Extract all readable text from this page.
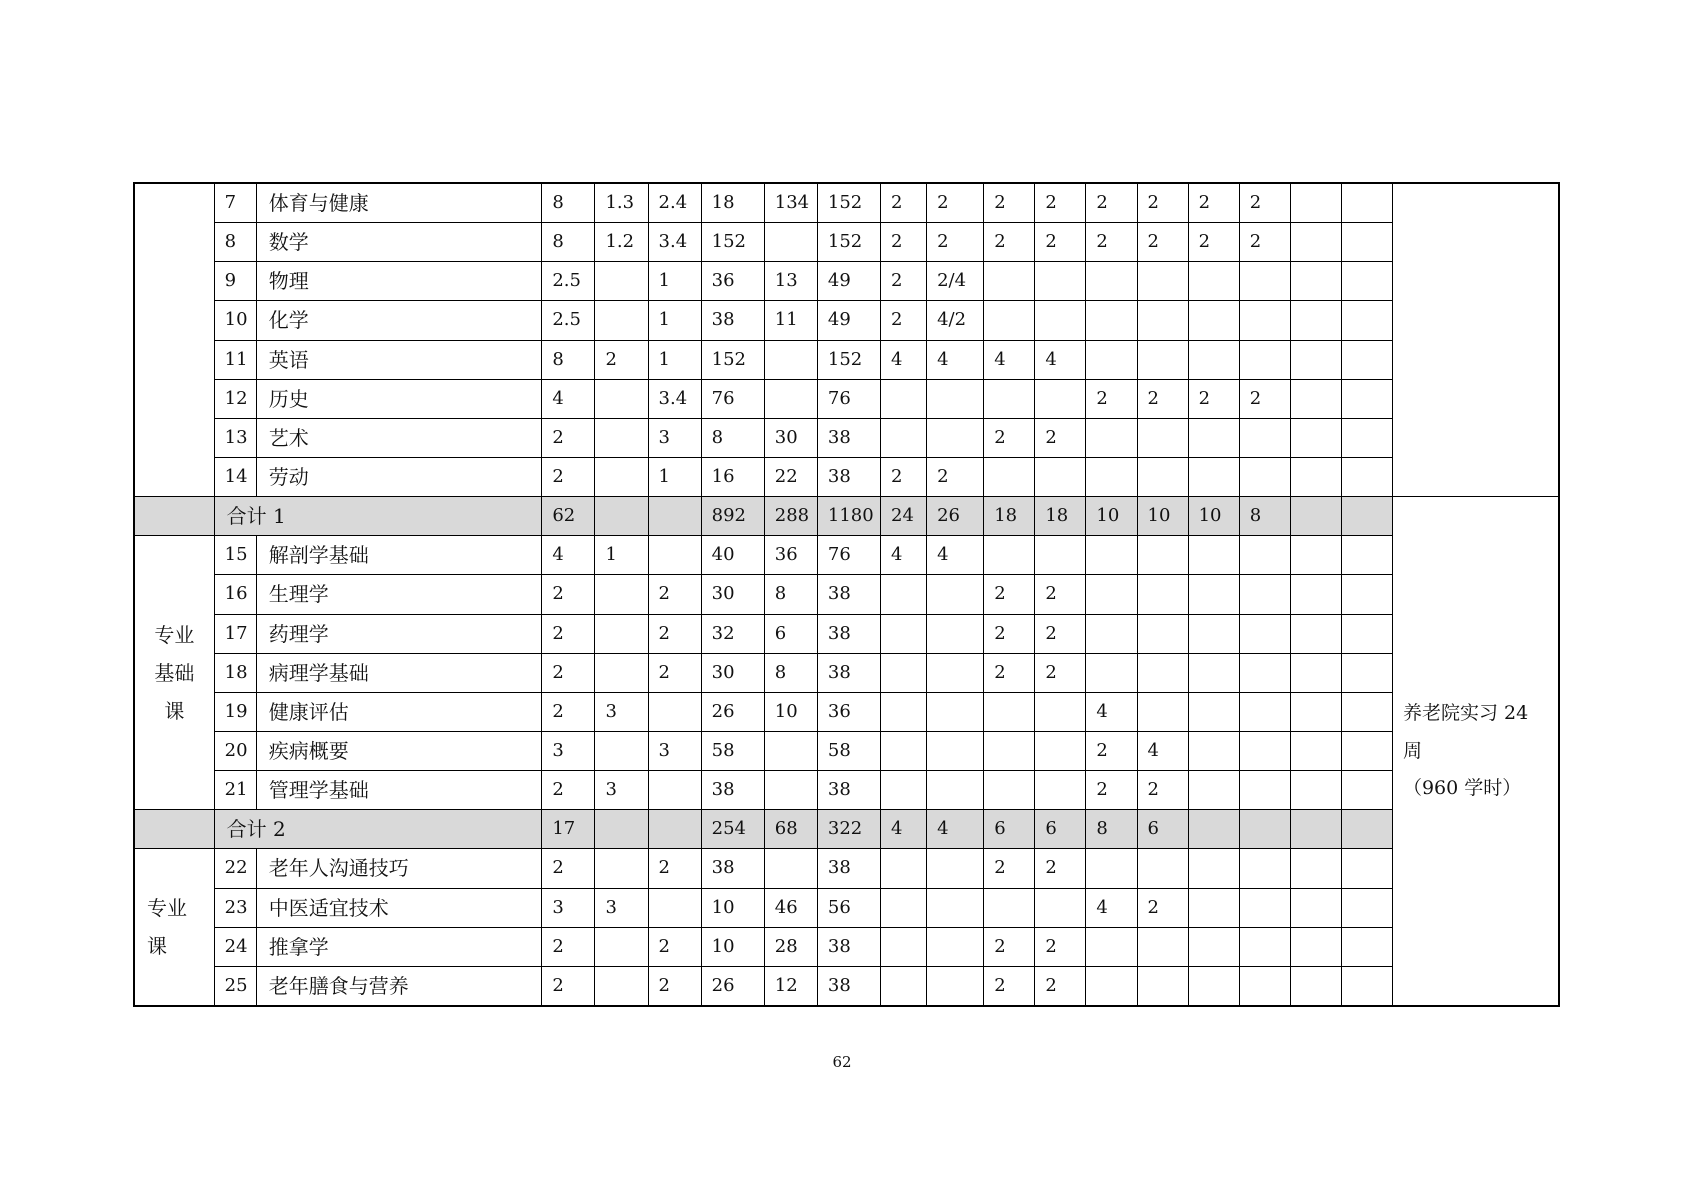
	7	体育与健康	8	1.3	2.4	18	134	152	2	2	2	2	2	2	2	2			
	8	数学	8	1.2	3.4	152		152	2	2	2	2	2	2	2	2			
	9	物理	2.5		1	36	13	49	2	2/4									
	10	化学	2.5		1	38	11	49	2	4/2									
	11	英语	8	2	1	152		152	4	4	4	4							
	12	历史	4		3.4	76		76					2	2	2	2			
	13	艺术	2		3	8	30	38			2	2							
	14	劳动	2		1	16	22	38	2	2									
	合计 1		62			892	288	1180	24	26	18	18	10	10	10	8			养老院实习 24
周
（960 学时）

专业
基础
课	15	解剖学基础	4	1		40	36	76	4	4									
	16	生理学	2		2	30	8	38			2	2							
	17	药理学	2		2	32	6	38			2	2							
	18	病理学基础	2		2	30	8	38			2	2							
	19	健康评估	2	3		26	10	36					4						
	20	疾病概要	3		3	58		58					2	4					
	21	管理学基础	2	3		38		38					2	2					
	合计 2		17			254	68	322	4	4	6	6	8	6					

专业
课	22	老年人沟通技巧	2		2	38		38			2	2							
	23	中医适宜技术	3	3		10	46	56					4	2					
	24	推拿学	2		2	10	28	38			2	2							
	25	老年膳食与营养	2		2	26	12	38			2	2							
62
